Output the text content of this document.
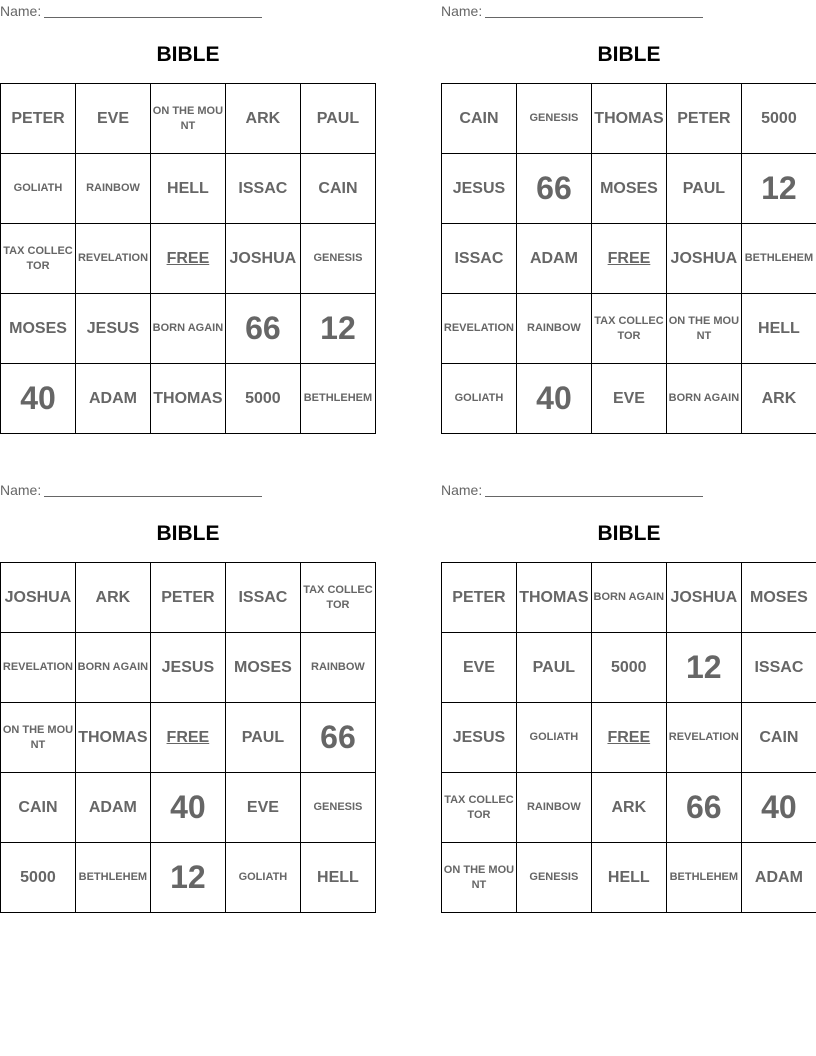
Name:
BIBLE
PETER	EVE	ON THE MOUNT	ARK	PAUL
GOLIATH	RAINBOW	HELL	ISSAC	CAIN
TAX COLLECTOR	REVELATION	FREE	JOSHUA	GENESIS
MOSES	JESUS	BORN AGAIN	66	12
40	ADAM	THOMAS	5000	BETHLEHEM
Name:
BIBLE
CAIN	GENESIS	THOMAS	PETER	5000
JESUS	66	MOSES	PAUL	12
ISSAC	ADAM	FREE	JOSHUA	BETHLEHEM
REVELATION	RAINBOW	TAX COLLECTOR	ON THE MOUNT	HELL
GOLIATH	40	EVE	BORN AGAIN	ARK
Name:
BIBLE
JOSHUA	ARK	PETER	ISSAC	TAX COLLECTOR
REVELATION	BORN AGAIN	JESUS	MOSES	RAINBOW
ON THE MOUNT	THOMAS	FREE	PAUL	66
CAIN	ADAM	40	EVE	GENESIS
5000	BETHLEHEM	12	GOLIATH	HELL
Name:
BIBLE
PETER	THOMAS	BORN AGAIN	JOSHUA	MOSES
EVE	PAUL	5000	12	ISSAC
JESUS	GOLIATH	FREE	REVELATION	CAIN
TAX COLLECTOR	RAINBOW	ARK	66	40
ON THE MOUNT	GENESIS	HELL	BETHLEHEM	ADAM
